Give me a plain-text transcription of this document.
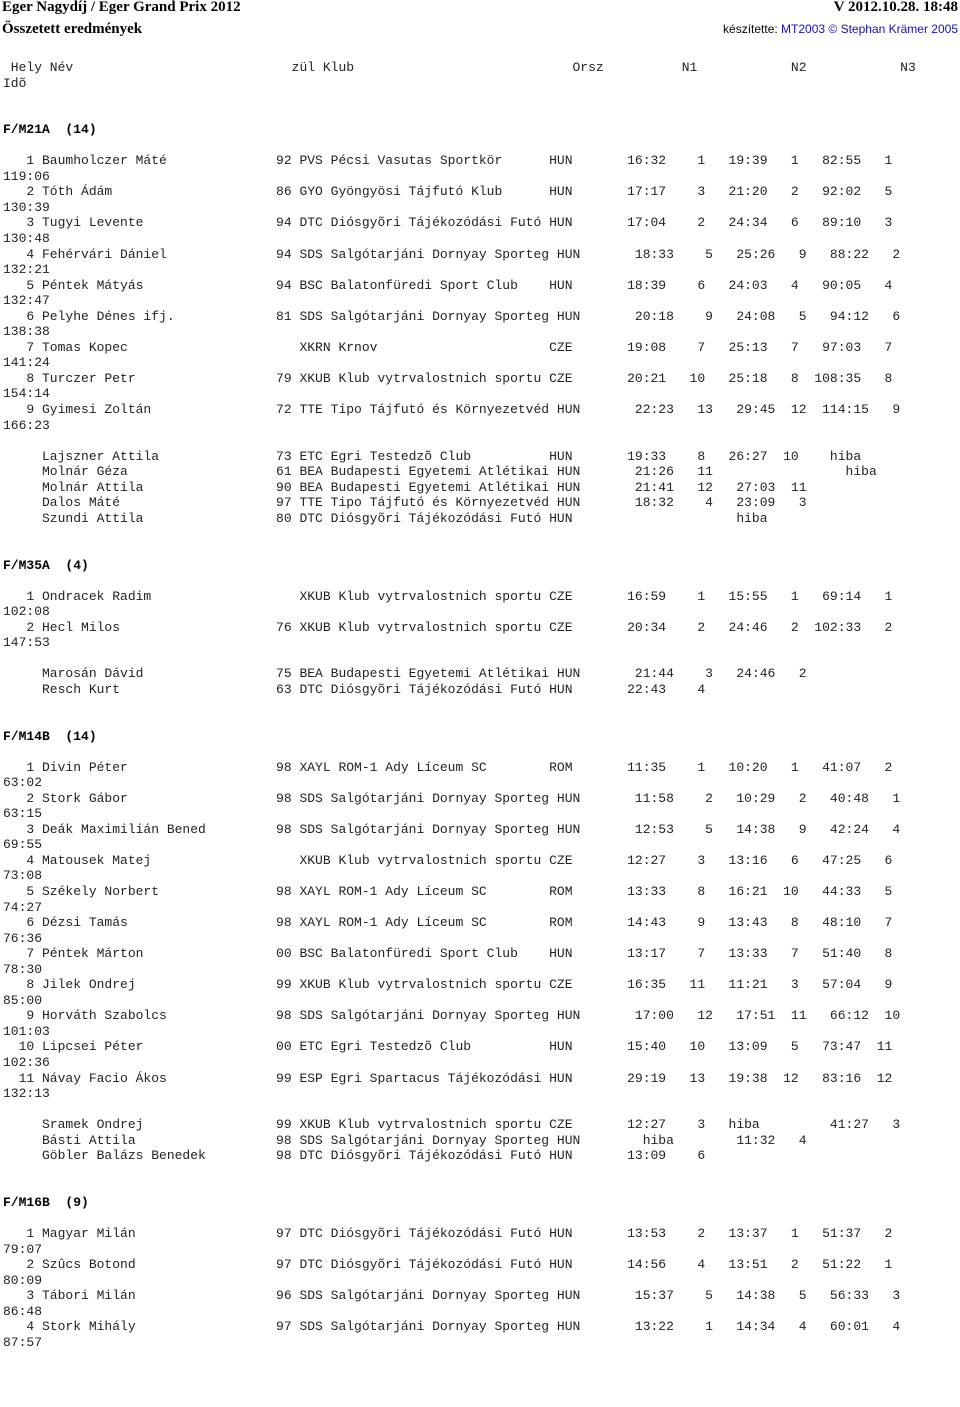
Eger Nagydíj / Eger Grand Prix 2012
Összetett eredmények
V 2012.10.28. 18:48
készítette: MT2003 © Stephan Krämer 2005
Hely Név                            zül Klub                            Orsz          N1            N2            N3
Idõ

F/M21A  (14)

1 Baumholczer Máté              92 PVS Pécsi Vasutas Sportkör      HUN       16:32    1   19:39   1   82:55   1
119:06
2 Tóth Ádám                     86 GYO Gyöngyösi Tájfutó Klub      HUN       17:17    3   21:20   2   92:02   5
130:39
3 Tugyi Levente                 94 DTC Diósgyõri Tájékozódási Futó HUN       17:04    2   24:34   6   89:10   3
130:48
4 Fehérvári Dániel              94 SDS Salgótarjáni Dornyay Sporteg HUN       18:33    5   25:26   9   88:22   2
132:21
5 Péntek Mátyás                 94 BSC Balatonfüredi Sport Club    HUN       18:39    6   24:03   4   90:05   4
132:47
6 Pelyhe Dénes ifj.             81 SDS Salgótarjáni Dornyay Sporteg HUN       20:18    9   24:08   5   94:12   6
138:38
7 Tomas Kopec                      XKRN Krnov                      CZE       19:08    7   25:13   7   97:03   7
141:24
8 Turczer Petr                  79 XKUB Klub vytrvalostnich sportu CZE       20:21   10   25:18   8  108:35   8
154:14
9 Gyimesi Zoltán                72 TTE Tipo Tájfutó és Környezetvéd HUN       22:23   13   29:45  12  114:15   9
166:23

Lajszner Attila               73 ETC Egri Testedzõ Club          HUN       19:33    8   26:27  10    hiba
Molnár Géza                   61 BEA Budapesti Egyetemi Atlétikai HUN       21:26   11                 hiba
Molnár Attila                 90 BEA Budapesti Egyetemi Atlétikai HUN       21:41   12   27:03  11
Dalos Máté                    97 TTE Tipo Tájfutó és Környezetvéd HUN       18:32    4   23:09   3
Szundi Attila                 80 DTC Diósgyõri Tájékozódási Futó HUN                     hiba

F/M35A  (4)

1 Ondracek Radim                   XKUB Klub vytrvalostnich sportu CZE       16:59    1   15:55   1   69:14   1
102:08
2 Hecl Milos                    76 XKUB Klub vytrvalostnich sportu CZE       20:34    2   24:46   2  102:33   2
147:53

Marosán Dávid                 75 BEA Budapesti Egyetemi Atlétikai HUN       21:44    3   24:46   2
Resch Kurt                    63 DTC Diósgyõri Tájékozódási Futó HUN       22:43    4

F/M14B  (14)

1 Divin Péter                   98 XAYL ROM-1 Ady Líceum SC        ROM       11:35    1   10:20   1   41:07   2
63:02
2 Stork Gábor                   98 SDS Salgótarjáni Dornyay Sporteg HUN       11:58    2   10:29   2   40:48   1
63:15
3 Deák Maximilián Bened         98 SDS Salgótarjáni Dornyay Sporteg HUN       12:53    5   14:38   9   42:24   4
69:55
4 Matousek Matej                   XKUB Klub vytrvalostnich sportu CZE       12:27    3   13:16   6   47:25   6
73:08
5 Székely Norbert               98 XAYL ROM-1 Ady Líceum SC        ROM       13:33    8   16:21  10   44:33   5
74:27
6 Dézsi Tamás                   98 XAYL ROM-1 Ady Líceum SC        ROM       14:43    9   13:43   8   48:10   7
76:36
7 Péntek Márton                 00 BSC Balatonfüredi Sport Club    HUN       13:17    7   13:33   7   51:40   8
78:30
8 Jilek Ondrej                  99 XKUB Klub vytrvalostnich sportu CZE       16:35   11   11:21   3   57:04   9
85:00
9 Horváth Szabolcs              98 SDS Salgótarjáni Dornyay Sporteg HUN       17:00   12   17:51  11   66:12  10
101:03
10 Lipcsei Péter                 00 ETC Egri Testedzõ Club          HUN       15:40   10   13:09   5   73:47  11
102:36
11 Návay Facio Ákos              99 ESP Egri Spartacus Tájékozódási HUN       29:19   13   19:38  12   83:16  12
132:13

Sramek Ondrej                 99 XKUB Klub vytrvalostnich sportu CZE       12:27    3   hiba         41:27   3
Básti Attila                  98 SDS Salgótarjáni Dornyay Sporteg HUN        hiba        11:32   4
Göbler Balázs Benedek         98 DTC Diósgyõri Tájékozódási Futó HUN       13:09    6

F/M16B  (9)

1 Magyar Milán                  97 DTC Diósgyõri Tájékozódási Futó HUN       13:53    2   13:37   1   51:37   2
79:07
2 Szûcs Botond                  97 DTC Diósgyõri Tájékozódási Futó HUN       14:56    4   13:51   2   51:22   1
80:09
3 Tábori Milán                  96 SDS Salgótarjáni Dornyay Sporteg HUN       15:37    5   14:38   5   56:33   3
86:48
4 Stork Mihály                  97 SDS Salgótarjáni Dornyay Sporteg HUN       13:22    1   14:34   4   60:01   4
87:57
